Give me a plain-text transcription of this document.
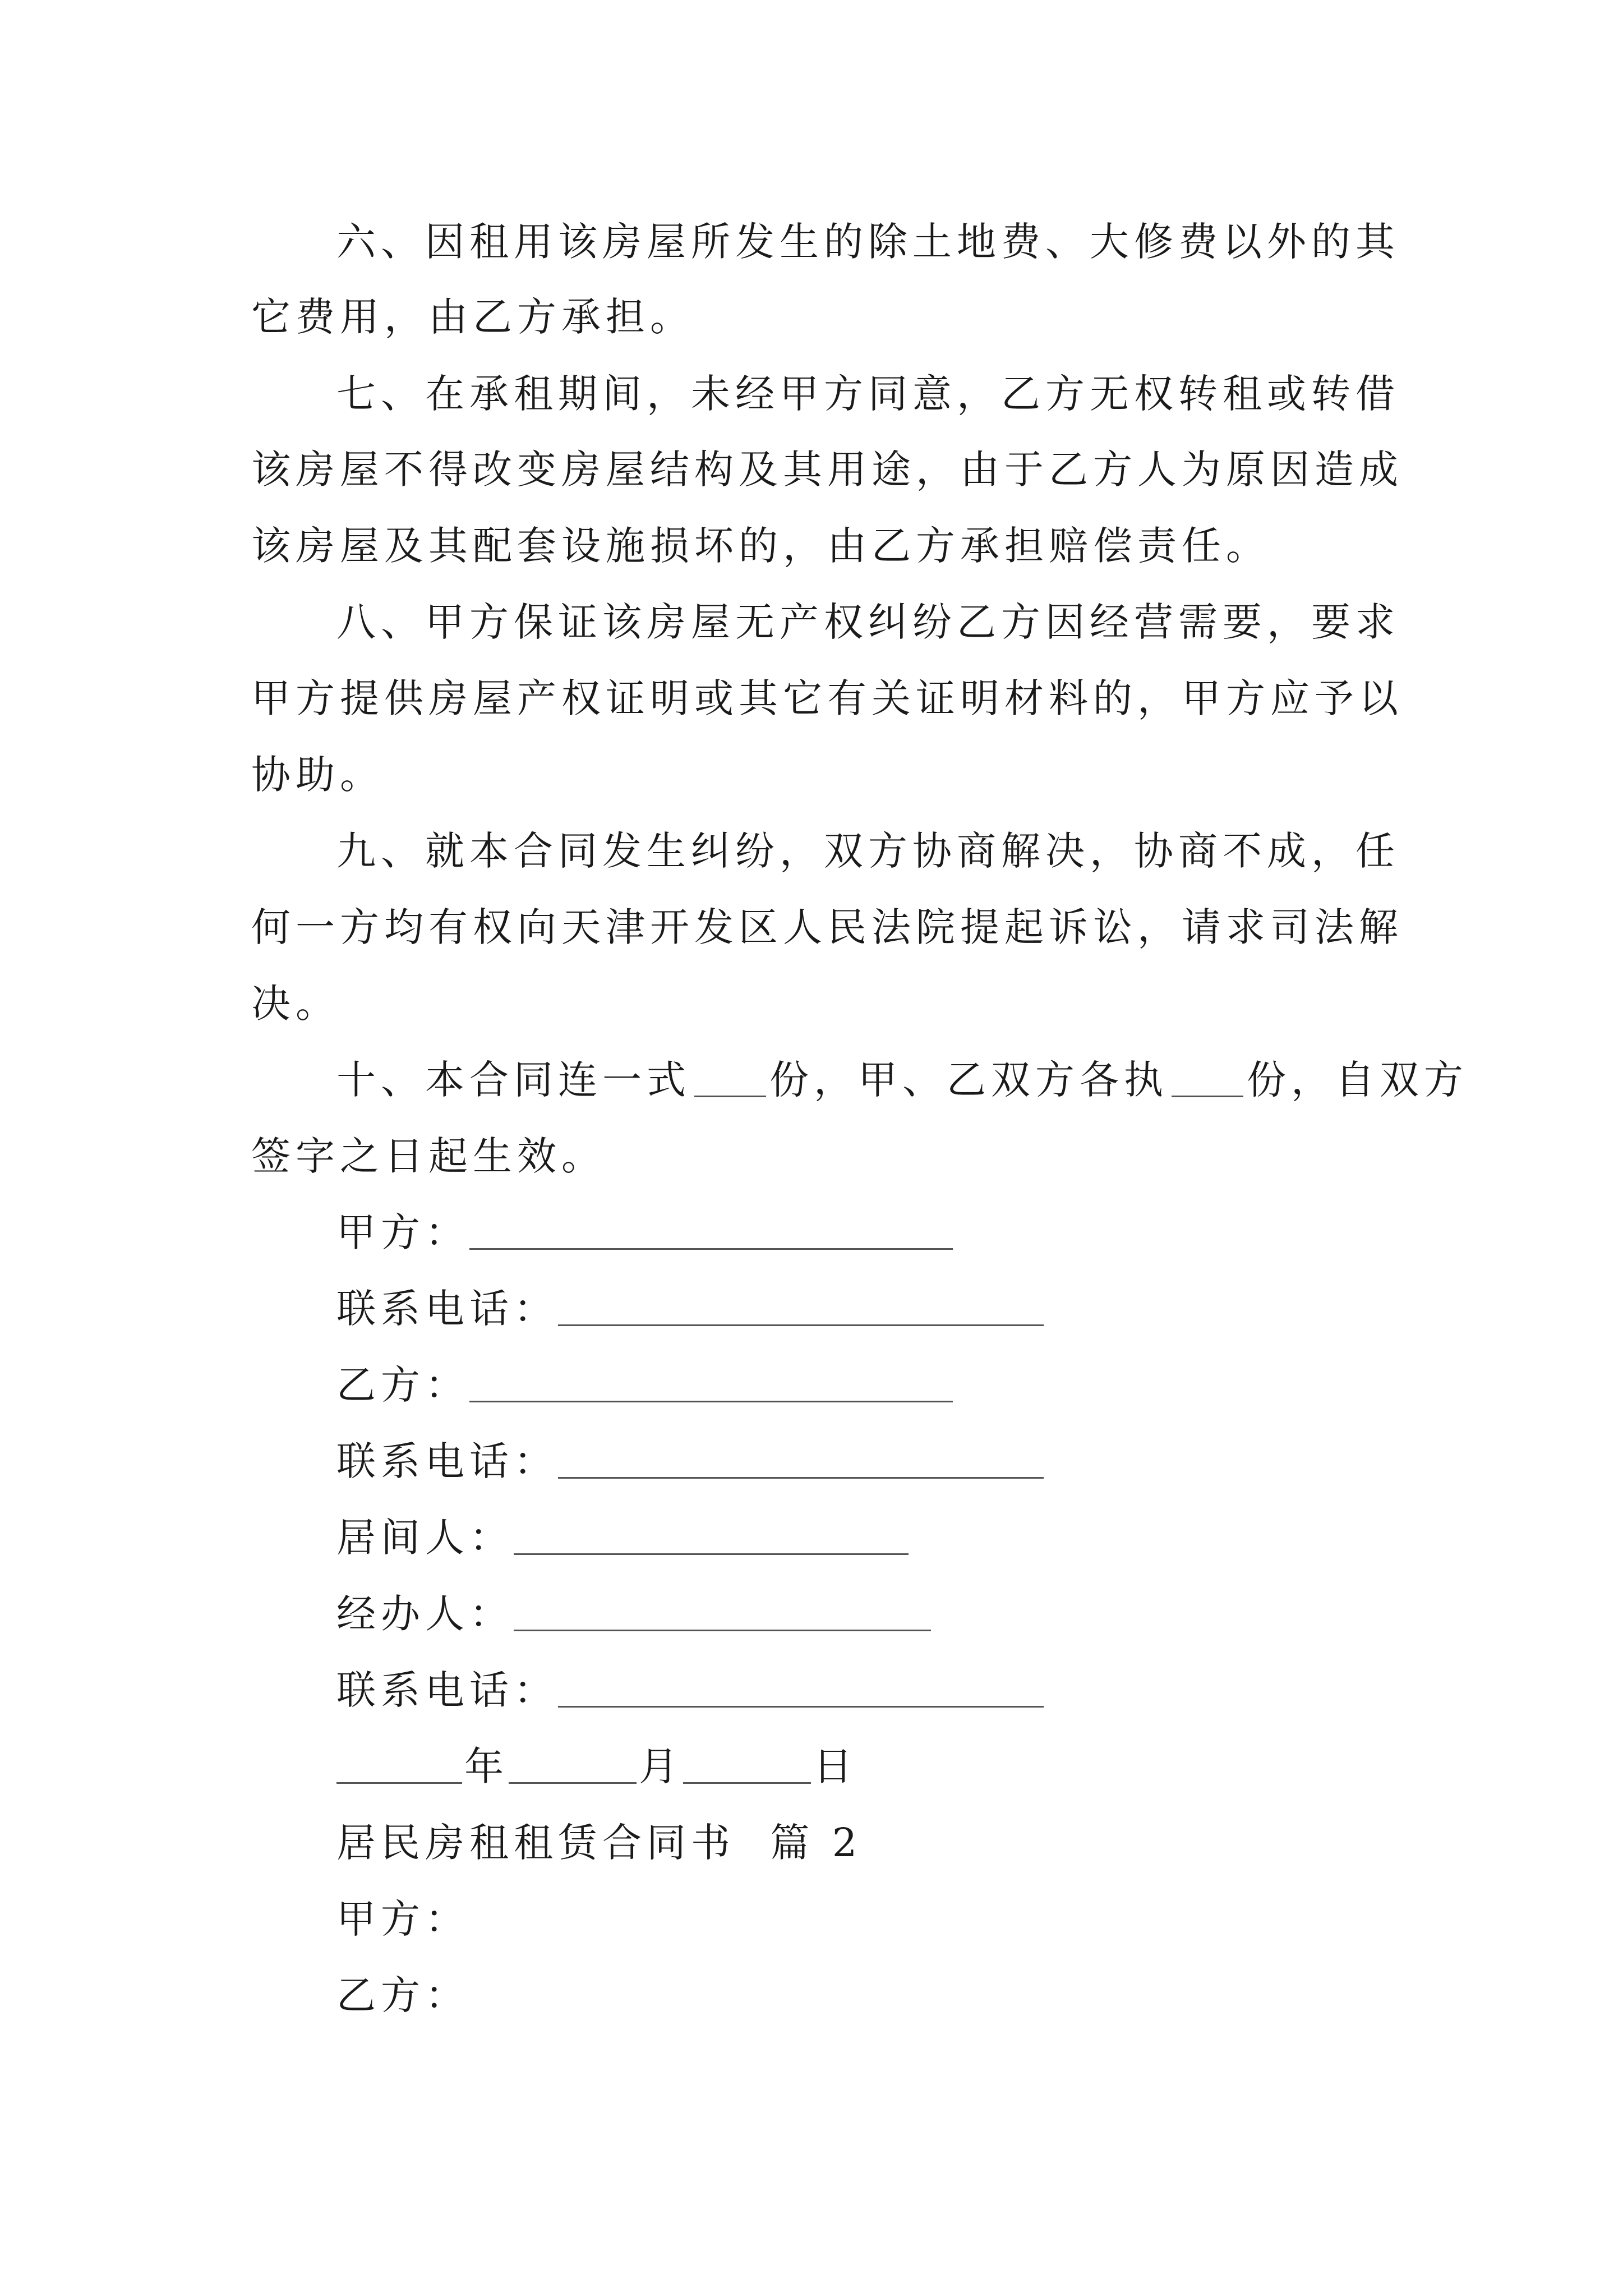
六、因租用该房屋所发生的除土地费、大修费以外的其
它费用，由乙方承担。
七、在承租期间，未经甲方同意，乙方无权转租或转借
该房屋不得改变房屋结构及其用途，由于乙方人为原因造成
该房屋及其配套设施损坏的，由乙方承担赔偿责任。
八、甲方保证该房屋无产权纠纷乙方因经营需要，要求
甲方提供房屋产权证明或其它有关证明材料的，甲方应予以
协助。
九、就本合同发生纠纷，双方协商解决，协商不成，任
何一方均有权向天津开发区人民法院提起诉讼，请求司法解
决。
十、本合同连一式 份，甲、乙双方各执 份，自双方
签字之日起生效。
甲方：
联系电话：
乙方：
联系电话：
居间人：
经办人：
联系电话：
年	月	日
居民房租租赁合同书  篇 2
甲方：
乙方：
